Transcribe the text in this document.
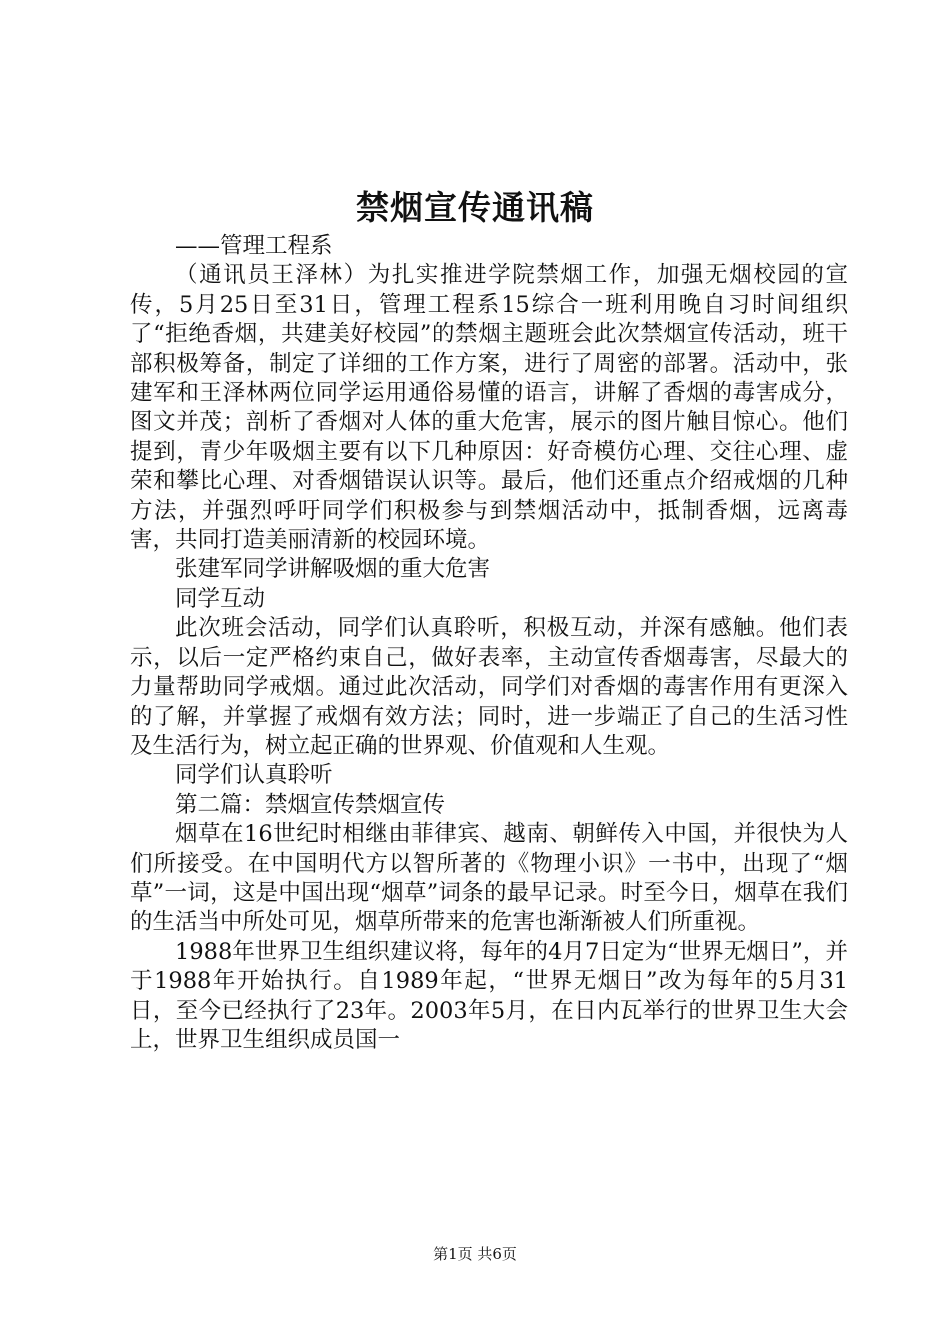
禁烟宣传通讯稿

——管理工程系

（通讯员王泽林）为扎实推进学院禁烟工作，加强无烟校园的宣传，5月25日至31日，管理工程系15综合一班利用晚自习时间组织了“拒绝香烟，共建美好校园”的禁烟主题班会此次禁烟宣传活动，班干部积极筹备，制定了详细的工作方案，进行了周密的部署。活动中，张建军和王泽林两位同学运用通俗易懂的语言，讲解了香烟的毒害成分，图文并茂；剖析了香烟对人体的重大危害，展示的图片触目惊心。他们提到，青少年吸烟主要有以下几种原因：好奇模仿心理、交往心理、虚荣和攀比心理、对香烟错误认识等。最后，他们还重点介绍戒烟的几种方法，并强烈呼吁同学们积极参与到禁烟活动中，抵制香烟，远离毒害，共同打造美丽清新的校园环境。

张建军同学讲解吸烟的重大危害

同学互动

此次班会活动，同学们认真聆听，积极互动，并深有感触。他们表示，以后一定严格约束自己，做好表率，主动宣传香烟毒害，尽最大的力量帮助同学戒烟。通过此次活动，同学们对香烟的毒害作用有更深入的了解，并掌握了戒烟有效方法；同时，进一步端正了自己的生活习性及生活行为，树立起正确的世界观、价值观和人生观。

同学们认真聆听

第二篇：禁烟宣传禁烟宣传

烟草在16世纪时相继由菲律宾、越南、朝鲜传入中国，并很快为人们所接受。在中国明代方以智所著的《物理小识》一书中，出现了“烟草”一词，这是中国出现“烟草”词条的最早记录。时至今日，烟草在我们的生活当中所处可见，烟草所带来的危害也渐渐被人们所重视。

1988年世界卫生组织建议将，每年的4月7日定为“世界无烟日”，并于1988年开始执行。自1989年起，“世界无烟日”改为每年的5月31日，至今已经执行了23年。2003年5月，在日内瓦举行的世界卫生大会上，世界卫生组织成员国一

第1页 共6页
